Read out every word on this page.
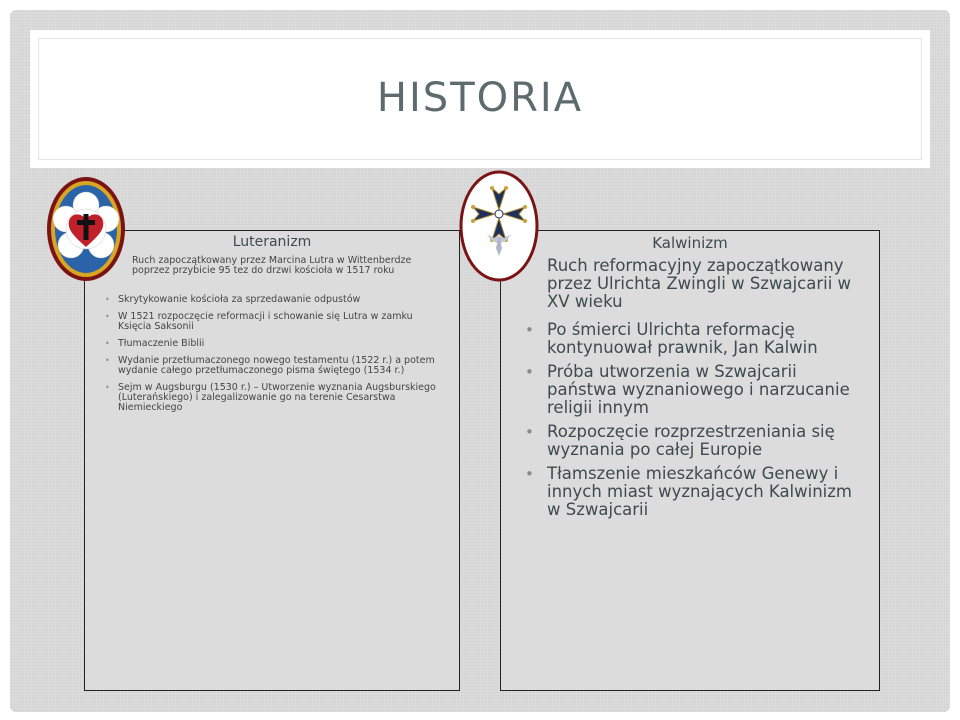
HISTORIA
Luteranizm
Ruch zapoczątkowany przez Marcina Lutra w Wittenberdze poprzez przybicie 95 tez do drzwi kościoła w 1517 roku
• Skrytykowanie kościoła za sprzedawanie odpustów
• W 1521 rozpoczęcie reformacji i schowanie się Lutra w zamku Księcia Saksonii
• Tłumaczenie Biblii
• Wydanie przetłumaczonego nowego testamentu (1522 r.) a potem wydanie całego przetłumaczonego pisma świętego (1534 r.)
• Sejm w Augsburgu (1530 r.) – Utworzenie wyznania Augsburskiego (Luterańskiego) i zalegalizowanie go na terenie Cesarstwa Niemieckiego
Kalwinizm
Ruch reformacyjny zapoczątkowany przez Ulrichta Zwingli w Szwajcarii w XV wieku
• Po śmierci Ulrichta reformację kontynuował prawnik, Jan Kalwin
• Próba utworzenia w Szwajcarii państwa wyznaniowego i narzucanie religii innym
• Rozpoczęcie rozprzestrzeniania się wyznania po całej Europie
• Tłamszenie mieszkańców Genewy i innych miast wyznających Kalwinizm w Szwajcarii
